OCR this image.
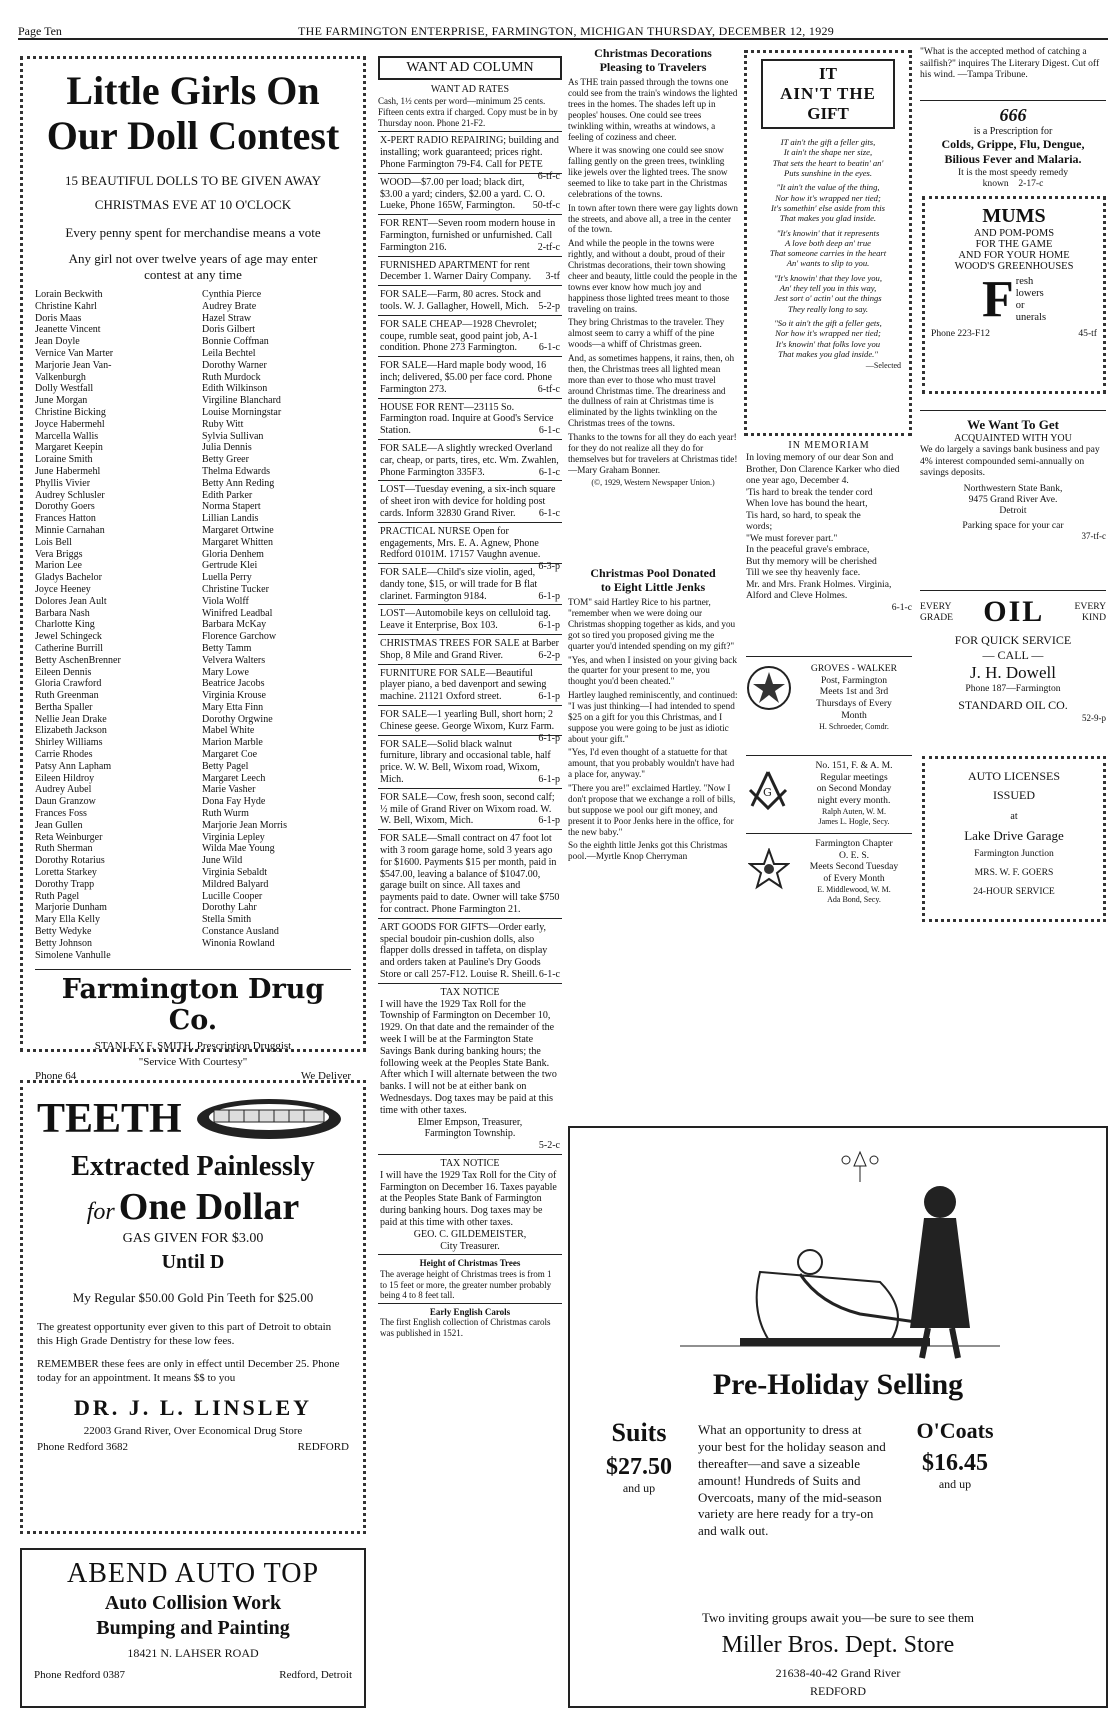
Page Ten	THE FARMINGTON ENTERPRISE, FARMINGTON, MICHIGAN THURSDAY, DECEMBER 12, 1929
Little Girls On
Our Doll Contest
15 BEAUTIFUL DOLLS TO BE GIVEN AWAY
CHRISTMAS EVE AT 10 O'CLOCK
Every penny spent for merchandise means a vote
Any girl not over twelve years of age may enter
contest at any time
Lorain Beckwith
Christine Kahrl
Doris Maas
Jeanette Vincent
Jean Doyle
Vernice Van Marter
Marjorie Jean Van-
Valkenburgh
Dolly Westfall
June Morgan
Christine Bicking
Joyce Habermehl
Marcella Wallis
Margaret Keepin
Loraine Smith
June Habermehl
Phyllis Vivier
Audrey Schlusler
Dorothy Goers
Frances Hatton
Minnie Carnahan
Lois Bell
Vera Briggs
Marion Lee
Gladys Bachelor
Joyce Heeney
Dolores Jean Ault
Barbara Nash
Charlotte King
Jewel Schingeck
Catherine Burrill
Betty AschenBrenner
Eileen Dennis
Gloria Crawford
Ruth Greenman
Bertha Spaller
Nellie Jean Drake
Elizabeth Jackson
Shirley Williams
Carrie Rhodes
Patsy Ann Lapham
Eileen Hildroy
Audrey Aubel
Daun Granzow
Frances Foss
Jean Gullen
Reta Weinburger
Ruth Sherman
Dorothy Rotarius
Loretta Starkey
Dorothy Trapp
Ruth Pagel
Marjorie Dunham
Mary Ella Kelly
Betty Wedyke
Betty Johnson
Simolene Vanhulle
Cynthia Pierce
Audrey Brate
Hazel Straw
Doris Gilbert
Bonnie Coffman
Leila Bechtel
Dorothy Warner
Ruth Murdock
Edith Wilkinson
Virgiline Blanchard
Louise Morningstar
Ruby Witt
Sylvia Sullivan
Julia Dennis
Betty Greer
Thelma Edwards
Betty Ann Reding
Edith Parker
Norma Stapert
Lillian Landis
Margaret Ortwine
Margaret Whitten
Gloria Denhem
Gertrude Klei
Luella Perry
Christine Tucker
Viola Wolff
Winifred Leadbal
Barbara McKay
Florence Garchow
Betty Tamm
Velvera Walters
Mary Lowe
Beatrice Jacobs
Virginia Krouse
Mary Etta Finn
Dorothy Orgwine
Mabel White
Marion Marble
Margaret Coe
Betty Pagel
Margaret Leech
Marie Vasher
Dona Fay Hyde
Ruth Wurm
Marjorie Jean Morris
Virginia Lepley
Wilda Mae Young
June Wild
Virginia Sebaldt
Mildred Balyard
Lucille Cooper
Dorothy Lahr
Stella Smith
Constance Ausland
Winonia Rowland
Farmington Drug Co.
STANLEY F. SMITH, Prescription Druggist
"Service With Courtesy"
Phone 64	We Deliver
TEETH
Extracted Painlessly
for One Dollar
GAS GIVEN FOR $3.00
Until D
My Regular $50.00 Gold Pin Teeth for $25.00
The greatest opportunity ever given to this part of Detroit to obtain this High Grade Dentistry for these low fees.
REMEMBER these fees are only in effect until December 25. Phone today for an appointment. It means $$ to you
DR. J. L. LINSLEY
22003 Grand River, Over Economical Drug Store
Phone Redford 3682	REDFORD
ABEND AUTO TOP
Auto Collision Work
Bumping and Painting
18421 N. LAHSER ROAD
Phone Redford 0387	Redford, Detroit
WANT AD COLUMN
WANT AD RATES
Cash, 1½ cents per word—minimum 25 cents. Fifteen cents extra if charged. Copy must be in by Thursday noon. Phone 21-F2.
X-PERT RADIO REPAIRING; building and installing; work guaranteed; prices right. Phone Farmington 79-F4. Call for PETE
6-tf-c
WOOD—$7.00 per load; black dirt, $3.00 a yard; cinders, $2.00 a yard. C. O. Lueke, Phone 165W, Farmington. 50-tf-c
FOR RENT—Seven room modern house in Farmington, furnished or unfurnished. Call Farmington 216.	2-tf-c
FURNISHED APARTMENT for rent December 1. Warner Dairy Company. 3-tf
FOR SALE—Farm, 80 acres. Stock and tools. W. J. Gallagher, Howell, Mich. 5-2-p
FOR SALE CHEAP—1928 Chevrolet; coupe, rumble seat, good paint job, A-1 condition. Phone 273 Farmington. 6-1-c
FOR SALE—Hard maple body wood, 16 inch; delivered, $5.00 per face cord. Phone Farmington 273.	6-tf-c
HOUSE FOR RENT—23115 So. Farmington road. Inquire at Good's Service Station.	6-1-c
FOR SALE—A slightly wrecked Overland car, cheap, or parts, tires, etc. Wm. Zwahlen, Phone Farmington 335F3.	6-1-c
LOST—Tuesday evening, a six-inch square of sheet iron with device for holding post cards. Inform 32830 Grand River. 6-1-c
PRACTICAL NURSE Open for engagements, Mrs. E. A. Agnew, Phone Redford 0101M. 17157 Vaughn avenue.
6-3-p
FOR SALE—Child's size violin, aged, dandy tone, $15, or will trade for B flat clarinet. Farmington 9184.	6-1-p
LOST—Automobile keys on celluloid tag. Leave it Enterprise, Box 103.	6-1-p
CHRISTMAS TREES FOR SALE at Barber Shop, 8 Mile and Grand River.	6-2-p
FURNITURE FOR SALE—Beautiful player piano, a bed davenport and sewing machine. 21121 Oxford street.	6-1-p
FOR SALE—1 yearling Bull, short horn; 2 Chinese geese. George Wixom, Kurz Farm.
6-1-p
FOR SALE—Solid black walnut furniture, library and occasional table, half price. W. W. Bell, Wixom road, Wixom, Mich.	6-1-p
FOR SALE—Cow, fresh soon, second calf; ½ mile of Grand River on Wixom road. W. W. Bell, Wixom, Mich.	6-1-p
FOR SALE—Small contract on 47 foot lot with 3 room garage home, sold 3 years ago for $1600. Payments $15 per month, paid in $547.00, leaving a balance of $1047.00, garage built on since. All taxes and payments paid to date. Owner will take $750 for contract. Phone Farmington 21.
ART GOODS FOR GIFTS—Order early, special boudoir pin-cushion dolls, also flapper dolls dressed in taffeta, on display and orders taken at Pauline's Dry Goods Store or call 257-F12. Louise R. Sheill. 6-1-c
TAX NOTICE
I will have the 1929 Tax Roll for the Township of Farmington on December 10, 1929. On that date and the remainder of the week I will be at the Farmington State Savings Bank during banking hours; the following week at the Peoples State Bank. After which I will alternate between the two banks. I will not be at either bank on Wednesdays. Dog taxes may be paid at this time with other taxes.
Elmer Empson, Treasurer,
Farmington Township.
5-2-c
TAX NOTICE
I will have the 1929 Tax Roll for the City of Farmington on December 16. Taxes payable at the Peoples State Bank of Farmington during banking hours. Dog taxes may be paid at this time with other taxes.
GEO. C. GILDEMEISTER,
City Treasurer.
Height of Christmas Trees
The average height of Christmas trees is from 1 to 15 feet or more, the greater number probably being 4 to 8 feet tall.
Early English Carols
The first English collection of Christmas carols was published in 1521.
Christmas Decorations
Pleasing to Travelers

As THE train passed through the towns one could see from the train's windows the lighted trees in the homes. The shades left up in peoples' houses. One could see trees twinkling within, wreaths at windows, a feeling of coziness and cheer.

Where it was snowing one could see snow falling gently on the green trees, twinkling like jewels over the lighted trees. The snow seemed to like to take part in the Christmas celebrations of the towns.

In town after town there were gay lights down the streets, and above all, a tree in the center of the town.

And while the people in the towns were rightly, and without a doubt, proud of their Christmas decorations, their town showing cheer and beauty, little could the people in the towns ever know how much joy and happiness those lighted trees meant to those traveling on trains.

They bring Christmas to the traveler. They almost seem to carry a whiff of the pine woods—a whiff of Christmas green.

And, as sometimes happens, it rains, then, oh then, the Christmas trees all lighted mean more than ever to those who must travel around Christmas time. The dreariness and the dullness of rain at Christmas time is eliminated by the lights twinkling on the Christmas trees of the towns.

Thanks to the towns for all they do each year! for they do not realize all they do for themselves but for travelers at Christmas tide!—Mary Graham Bonner.

(©, 1929, Western Newspaper Union.)
Christmas Pool Donated
to Eight Little Jenks

TOM" said Hartley Rice to his partner, "remember when we were doing our Christmas shopping together as kids, and you got so tired you proposed giving me the quarter you'd intended spending on my gift?"

"Yes, and when I insisted on your giving back the quarter for your present to me, you thought you'd been cheated."

Hartley laughed reminiscently, and continued: "I was just thinking—I had intended to spend $25 on a gift for you this Christmas, and I suppose you were going to be just as idiotic about your gift."

"Yes, I'd even thought of a statuette for that amount, that you probably wouldn't have had a place for, anyway."

"There you are!" exclaimed Hartley. "Now I don't propose that we exchange a roll of bills, but suppose we pool our gift money, and present it to Poor Jenks here in the office, for the new baby."

So the eighth little Jenks got this Christmas pool.—Myrtle Knop Cherryman

IT
AIN'T THE
GIFT
IT ain't the gift a feller gits,
It ain't the shape ner size,
That sets the heart to beatin' an'
Puts sunshine in the eyes.
"It ain't the value of the thing,
Nor how it's wrapped ner tied;
It's somethin' else aside from this
That makes you glad inside.
"It's knowin' that it represents
A love both deep an' true
That someone carries in the heart
An' wants to slip to you.
"It's knowin' that they love you,
An' they tell you in this way,
Jest sort o' actin' out the things
They really long to say.
"So it ain't the gift a feller gets,
Nor how it's wrapped ner tied;
It's knowin' that folks love you
That makes you glad inside."
—Selected
IN MEMORIAM
In loving memory of our dear Son and Brother, Don Clarence Karker who died one year ago, December 4.
'Tis hard to break the tender cord
When love has bound the heart,
Tis hard, so hard, to speak the
words;
"We must forever part."
In the peaceful grave's embrace,
But thy memory will be cherished
Till we see thy heavenly face.
Mr. and Mrs. Frank Holmes. Virginia, Alford and Cleve Holmes.
6-1-c
GROVES - WALKER
Post, Farmington
Meets 1st and 3rd
Thursdays of Every
Month
H. Schroeder, Comdr.
G
No. 151, F. & A. M.
Regular meetings
on Second Monday
night every month.
Ralph Auten, W. M.
James L. Hogle, Secy.
Farmington Chapter
O. E. S.
Meets Second Tuesday
of Every Month
E. Middlewood, W. M.
Ada Bond, Secy.
"What is the accepted method of catching a sailfish?" inquires The Literary Digest. Cut off his wind. —Tampa Tribune.
666
is a Prescription for
Colds, Grippe, Flu, Dengue,
Bilious Fever and Malaria.
It is the most speedy remedy
known 2-17-c
MUMS
AND POM-POMS
FOR THE GAME
AND FOR YOUR HOME
WOOD'S GREENHOUSES
F resh
lowers
or
unerals
Phone 223-F12	45-tf
We Want To Get
ACQUAINTED WITH YOU
We do largely a savings bank business and pay 4% interest compounded semi-annually on savings deposits.
Northwestern State Bank,
9475 Grand River Ave.
Detroit
Parking space for your car
37-tf-c
EVERY
GRADE OIL	EVERY
KIND
FOR QUICK SERVICE
— CALL —
J. H. Dowell
Phone 187—Farmington
STANDARD OIL CO.
52-9-p
AUTO LICENSES
ISSUED
at
Lake Drive Garage
Farmington Junction
MRS. W. F. GOERS
24-HOUR SERVICE
Pre-Holiday Selling
Suits
$27.50
and up
What an opportunity to dress at your best for the holiday season and thereafter—and save a sizeable amount! Hundreds of Suits and Overcoats, many of the mid-season variety are here ready for a try-on and walk out.
O'Coats
$16.45
and up
Two inviting groups await you—be sure to see them
Miller Bros. Dept. Store
21638-40-42 Grand River
REDFORD
